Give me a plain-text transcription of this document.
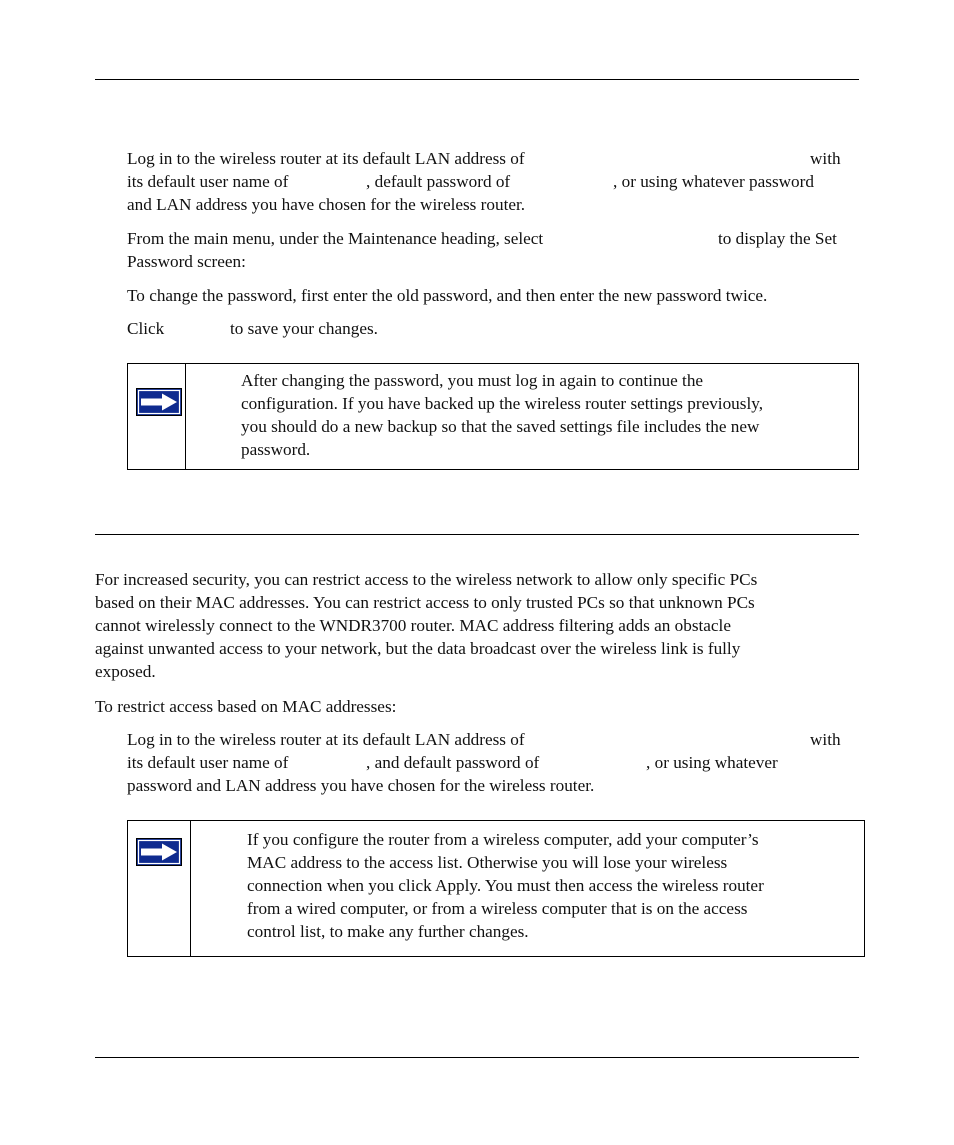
Log in to the wireless router at its default LAN address of	with

its default user name of	, default password of	, or using whatever password

and LAN address you have chosen for the wireless router.

From the main menu, under the Maintenance heading, select	to display the Set

Password screen:

To change the password, first enter the old password, and then enter the new password twice.

Click	to save your changes.

After changing the password, you must log in again to continue the

configuration. If you have backed up the wireless router settings previously,

you should do a new backup so that the saved settings file includes the new

password.

For increased security, you can restrict access to the wireless network to allow only specific PCs

based on their MAC addresses. You can restrict access to only trusted PCs so that unknown PCs

cannot wirelessly connect to the WNDR3700 router. MAC address filtering adds an obstacle

against unwanted access to your network, but the data broadcast over the wireless link is fully

exposed.

To restrict access based on MAC addresses:

Log in to the wireless router at its default LAN address of	with

its default user name of	, and default password of	, or using whatever

password and LAN address you have chosen for the wireless router.

If you configure the router from a wireless computer, add your computer’s

MAC address to the access list. Otherwise you will lose your wireless

connection when you click Apply. You must then access the wireless router

from a wired computer, or from a wireless computer that is on the access

control list, to make any further changes.
